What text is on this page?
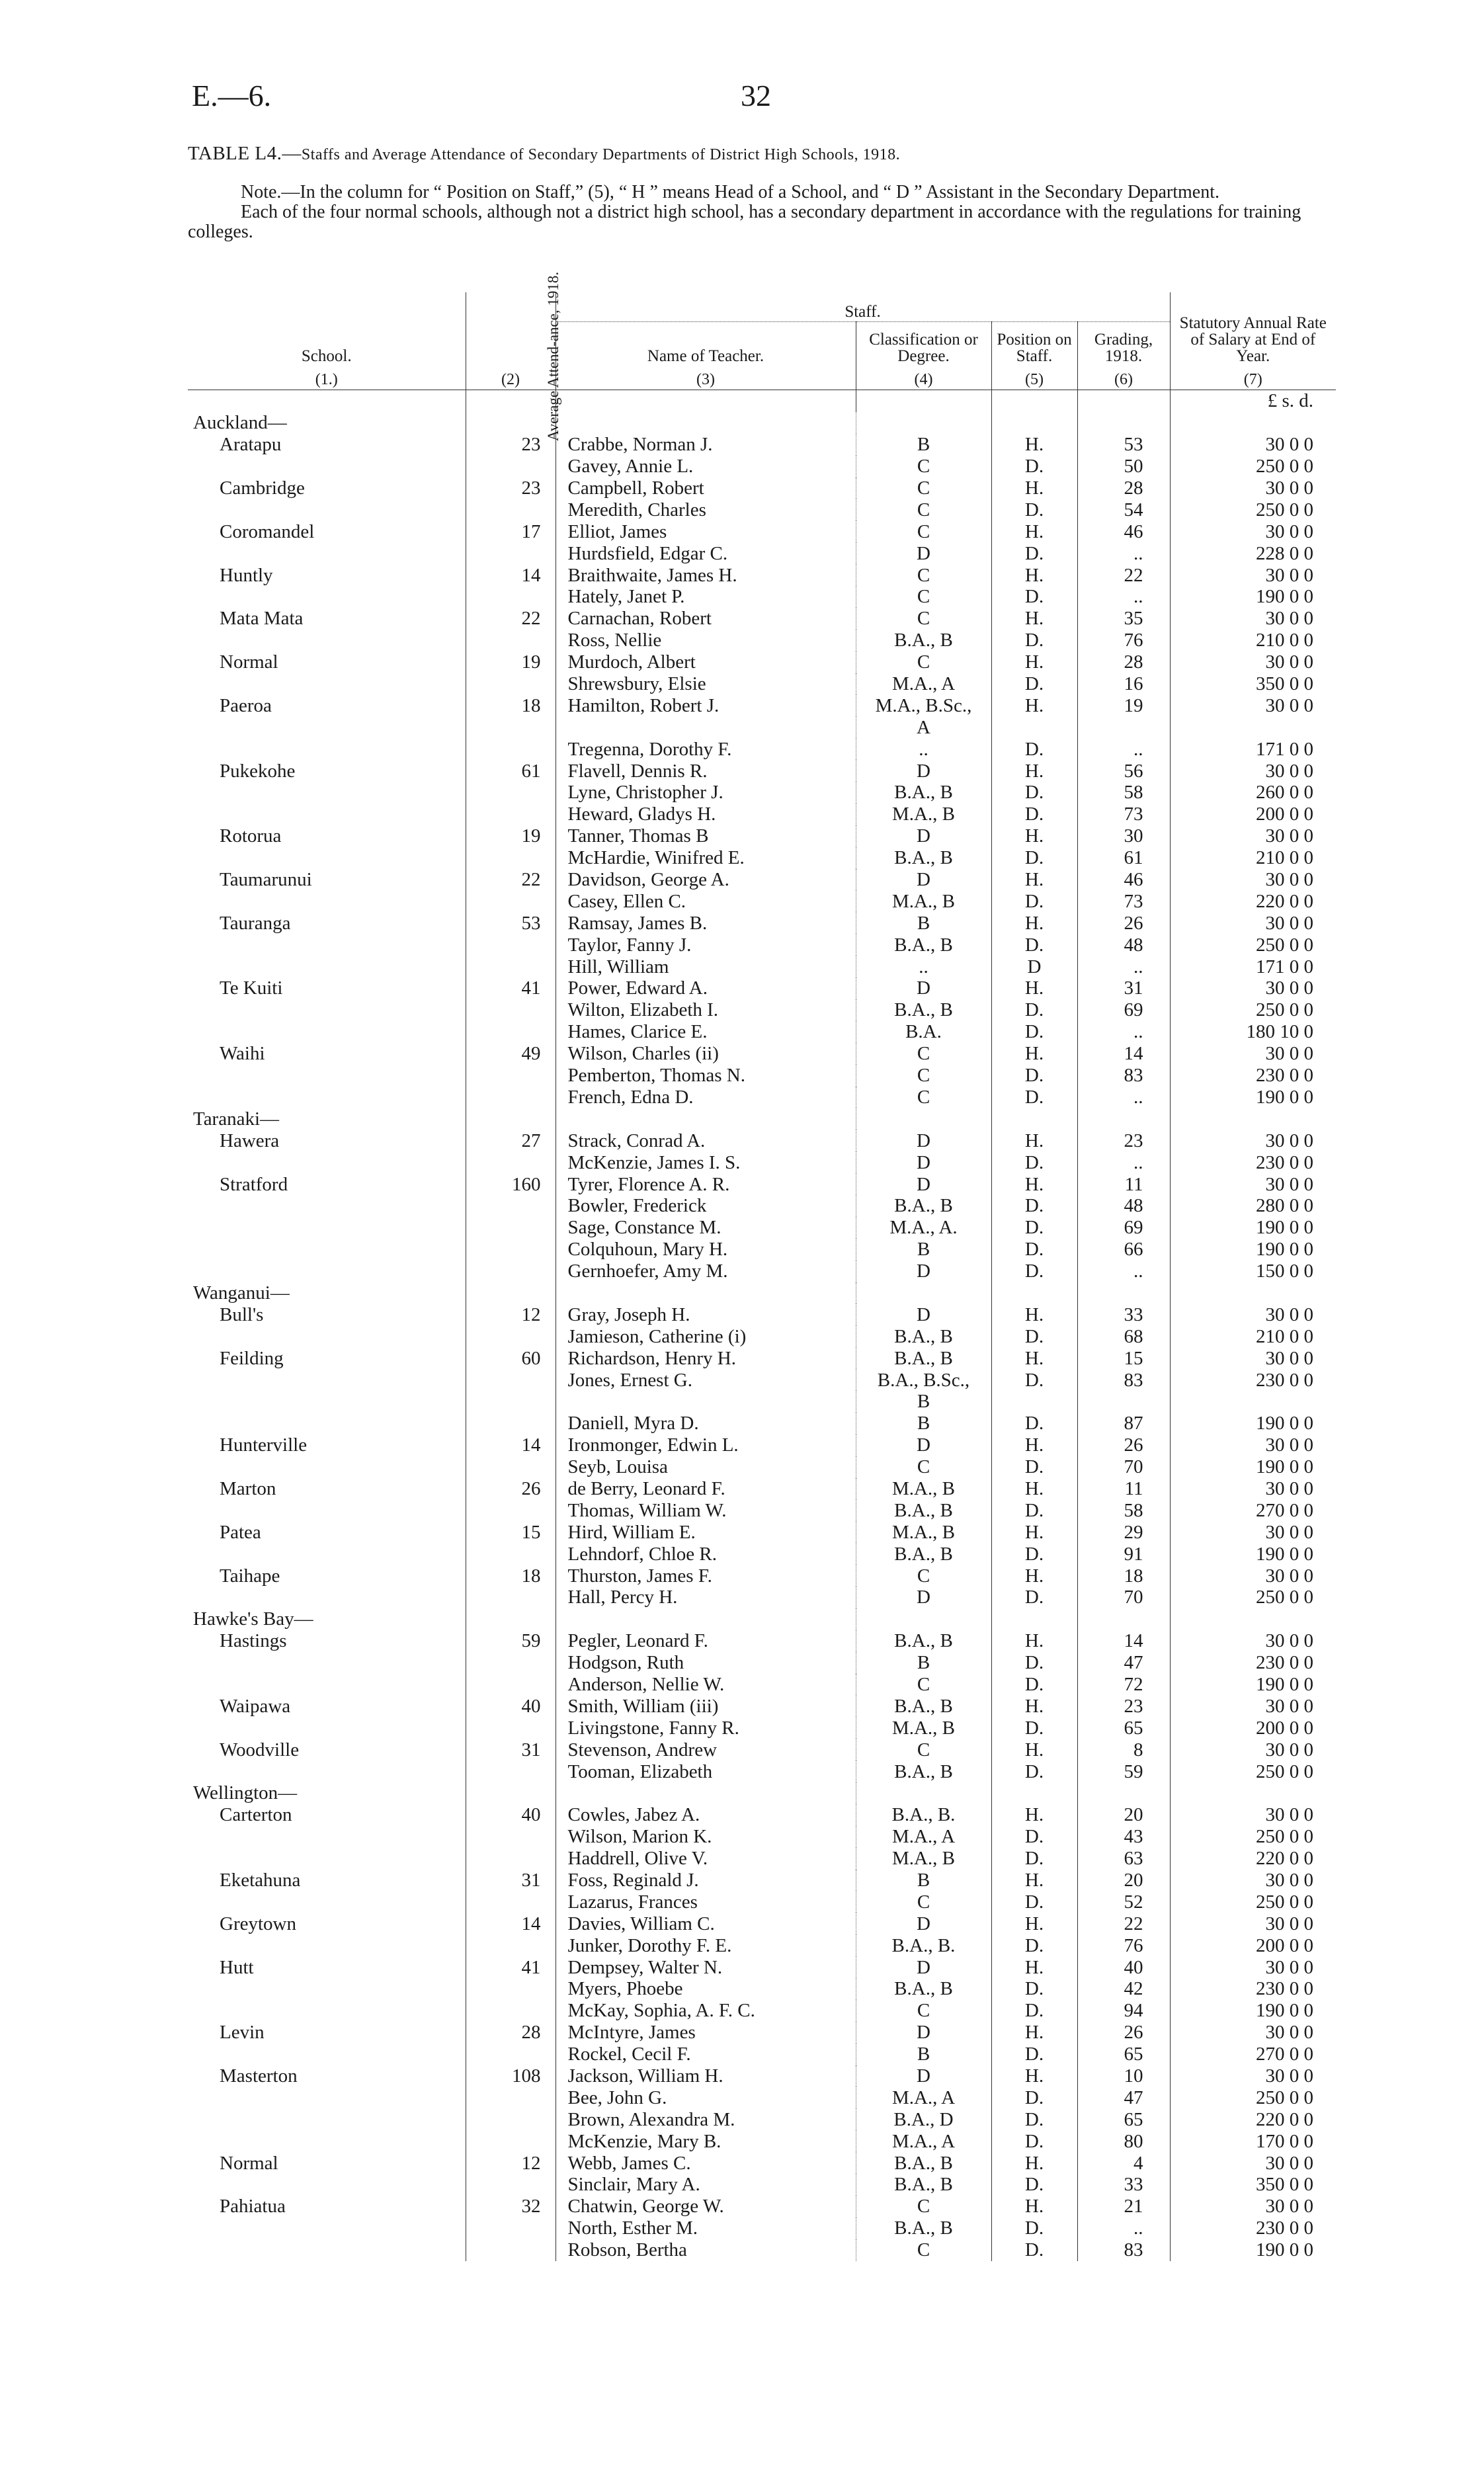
E.—6.	32
TABLE L4.—Staffs and Average Attendance of Secondary Departments of District High Schools, 1918.

Note.—In the column for “ Position on Staff,” (5), “ H ” means Head of a School, and “ D ” Assistant in the Secondary Department.

Each of the four normal schools, although not a district high school, has a secondary department in accordance with the regulations for training colleges.

School.	Average Attend-ance, 1918.	Staff.				Statutory Annual Rate of Salary at End of Year.
		Name of Teacher.	Classification or Degree.	Position on Staff.	Grading, 1918.	
(1.)	(2)	(3)	(4)	(5)	(6)	(7)
						£ s. d.
Auckland—						
Aratapu	23	Crabbe, Norman J.	B	H.	53	30 0 0
		Gavey, Annie L.	C	D.	50	250 0 0
Cambridge	23	Campbell, Robert	C	H.	28	30 0 0
		Meredith, Charles	C	D.	54	250 0 0
Coromandel	17	Elliot, James	C	H.	46	30 0 0
		Hurdsfield, Edgar C.	D	D.	..	228 0 0
Huntly	14	Braithwaite, James H.	C	H.	22	30 0 0
		Hately, Janet P.	C	D.	..	190 0 0
Mata Mata	22	Carnachan, Robert	C	H.	35	30 0 0
		Ross, Nellie	B.A., B	D.	76	210 0 0
Normal	19	Murdoch, Albert	C	H.	28	30 0 0
		Shrewsbury, Elsie	M.A., A	D.	16	350 0 0
Paeroa	18	Hamilton, Robert J.	M.A., B.Sc.,	H.	19	30 0 0
			A			
		Tregenna, Dorothy F.	..	D.	..	171 0 0
Pukekohe	61	Flavell, Dennis R.	D	H.	56	30 0 0
		Lyne, Christopher J.	B.A., B	D.	58	260 0 0
		Heward, Gladys H.	M.A., B	D.	73	200 0 0
Rotorua	19	Tanner, Thomas B	D	H.	30	30 0 0
		McHardie, Winifred E.	B.A., B	D.	61	210 0 0
Taumarunui	22	Davidson, George A.	D	H.	46	30 0 0
		Casey, Ellen C.	M.A., B	D.	73	220 0 0
Tauranga	53	Ramsay, James B.	B	H.	26	30 0 0
		Taylor, Fanny J.	B.A., B	D.	48	250 0 0
		Hill, William	..	D	..	171 0 0
Te Kuiti	41	Power, Edward A.	D	H.	31	30 0 0
		Wilton, Elizabeth I.	B.A., B	D.	69	250 0 0
		Hames, Clarice E.	B.A.	D.	..	180 10 0
Waihi	49	Wilson, Charles (ii)	C	H.	14	30 0 0
		Pemberton, Thomas N.	C	D.	83	230 0 0
		French, Edna D.	C	D.	..	190 0 0
Taranaki—						
Hawera	27	Strack, Conrad A.	D	H.	23	30 0 0
		McKenzie, James I. S.	D	D.	..	230 0 0
Stratford	160	Tyrer, Florence A. R.	D	H.	11	30 0 0
		Bowler, Frederick	B.A., B	D.	48	280 0 0
		Sage, Constance M.	M.A., A.	D.	69	190 0 0
		Colquhoun, Mary H.	B	D.	66	190 0 0
		Gernhoefer, Amy M.	D	D.	..	150 0 0
Wanganui—						
Bull's	12	Gray, Joseph H.	D	H.	33	30 0 0
		Jamieson, Catherine (i)	B.A., B	D.	68	210 0 0
Feilding	60	Richardson, Henry H.	B.A., B	H.	15	30 0 0
		Jones, Ernest G.	B.A., B.Sc.,	D.	83	230 0 0
			B			
		Daniell, Myra D.	B	D.	87	190 0 0
Hunterville	14	Ironmonger, Edwin L.	D	H.	26	30 0 0
		Seyb, Louisa	C	D.	70	190 0 0
Marton	26	de Berry, Leonard F.	M.A., B	H.	11	30 0 0
		Thomas, William W.	B.A., B	D.	58	270 0 0
Patea	15	Hird, William E.	M.A., B	H.	29	30 0 0
		Lehndorf, Chloe R.	B.A., B	D.	91	190 0 0
Taihape	18	Thurston, James F.	C	H.	18	30 0 0
		Hall, Percy H.	D	D.	70	250 0 0
Hawke's Bay—						
Hastings	59	Pegler, Leonard F.	B.A., B	H.	14	30 0 0
		Hodgson, Ruth	B	D.	47	230 0 0
		Anderson, Nellie W.	C	D.	72	190 0 0
Waipawa	40	Smith, William (iii)	B.A., B	H.	23	30 0 0
		Livingstone, Fanny R.	M.A., B	D.	65	200 0 0
Woodville	31	Stevenson, Andrew	C	H.	8	30 0 0
		Tooman, Elizabeth	B.A., B	D.	59	250 0 0
Wellington—						
Carterton	40	Cowles, Jabez A.	B.A., B.	H.	20	30 0 0
		Wilson, Marion K.	M.A., A	D.	43	250 0 0
		Haddrell, Olive V.	M.A., B	D.	63	220 0 0
Eketahuna	31	Foss, Reginald J.	B	H.	20	30 0 0
		Lazarus, Frances	C	D.	52	250 0 0
Greytown	14	Davies, William C.	D	H.	22	30 0 0
		Junker, Dorothy F. E.	B.A., B.	D.	76	200 0 0
Hutt	41	Dempsey, Walter N.	D	H.	40	30 0 0
		Myers, Phoebe	B.A., B	D.	42	230 0 0
		McKay, Sophia, A. F. C.	C	D.	94	190 0 0
Levin	28	McIntyre, James	D	H.	26	30 0 0
		Rockel, Cecil F.	B	D.	65	270 0 0
Masterton	108	Jackson, William H.	D	H.	10	30 0 0
		Bee, John G.	M.A., A	D.	47	250 0 0
		Brown, Alexandra M.	B.A., D	D.	65	220 0 0
		McKenzie, Mary B.	M.A., A	D.	80	170 0 0
Normal	12	Webb, James C.	B.A., B	H.	4	30 0 0
		Sinclair, Mary A.	B.A., B	D.	33	350 0 0
Pahiatua	32	Chatwin, George W.	C	H.	21	30 0 0
		North, Esther M.	B.A., B	D.	..	230 0 0
		Robson, Bertha	C	D.	83	190 0 0
